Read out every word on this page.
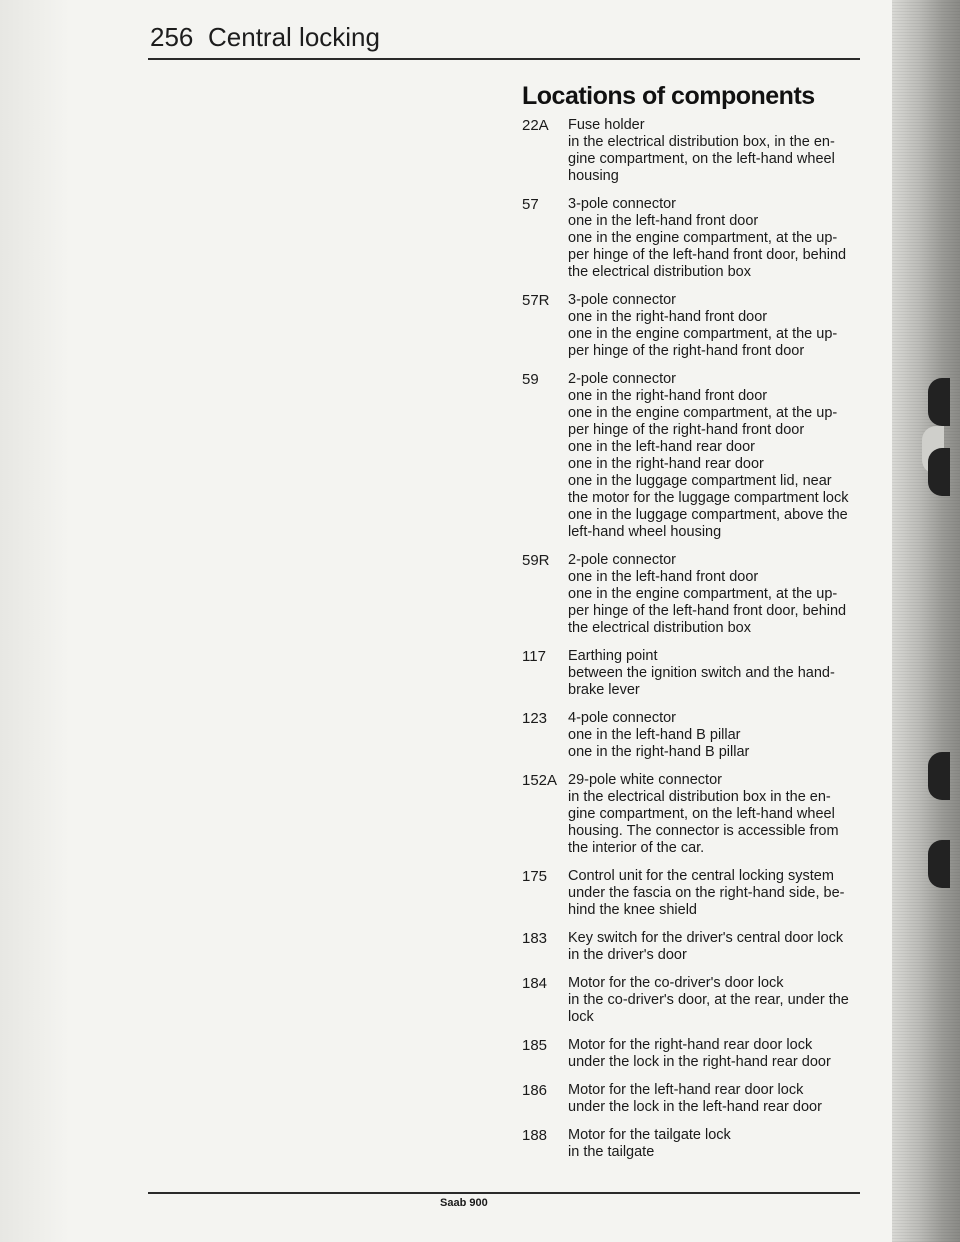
256 Central locking
Locations of components
22A	Fuse holder
in the electrical distribution box, in the en-
gine compartment, on the left-hand wheel
housing
57	3-pole connector
one in the left-hand front door
one in the engine compartment, at the up-
per hinge of the left-hand front door, behind
the electrical distribution box
57R	3-pole connector
one in the right-hand front door
one in the engine compartment, at the up-
per hinge of the right-hand front door
59	2-pole connector
one in the right-hand front door
one in the engine compartment, at the up-
per hinge of the right-hand front door
one in the left-hand rear door
one in the right-hand rear door
one in the luggage compartment lid, near
the motor for the luggage compartment lock
one in the luggage compartment, above the
left-hand wheel housing
59R	2-pole connector
one in the left-hand front door
one in the engine compartment, at the up-
per hinge of the left-hand front door, behind
the electrical distribution box
117	Earthing point
between the ignition switch and the hand-
brake lever
123	4-pole connector
one in the left-hand B pillar
one in the right-hand B pillar
152A 29-pole white connector
in the electrical distribution box in the en-
gine compartment, on the left-hand wheel
housing. The connector is accessible from
the interior of the car.
175	Control unit for the central locking system
under the fascia on the right-hand side, be-
hind the knee shield
183	Key switch for the driver's central door lock
in the driver's door
184	Motor for the co-driver's door lock
in the co-driver's door, at the rear, under the
lock
185	Motor for the right-hand rear door lock
under the lock in the right-hand rear door
186	Motor for the left-hand rear door lock
under the lock in the left-hand rear door
188	Motor for the tailgate lock
in the tailgate
Saab 900
